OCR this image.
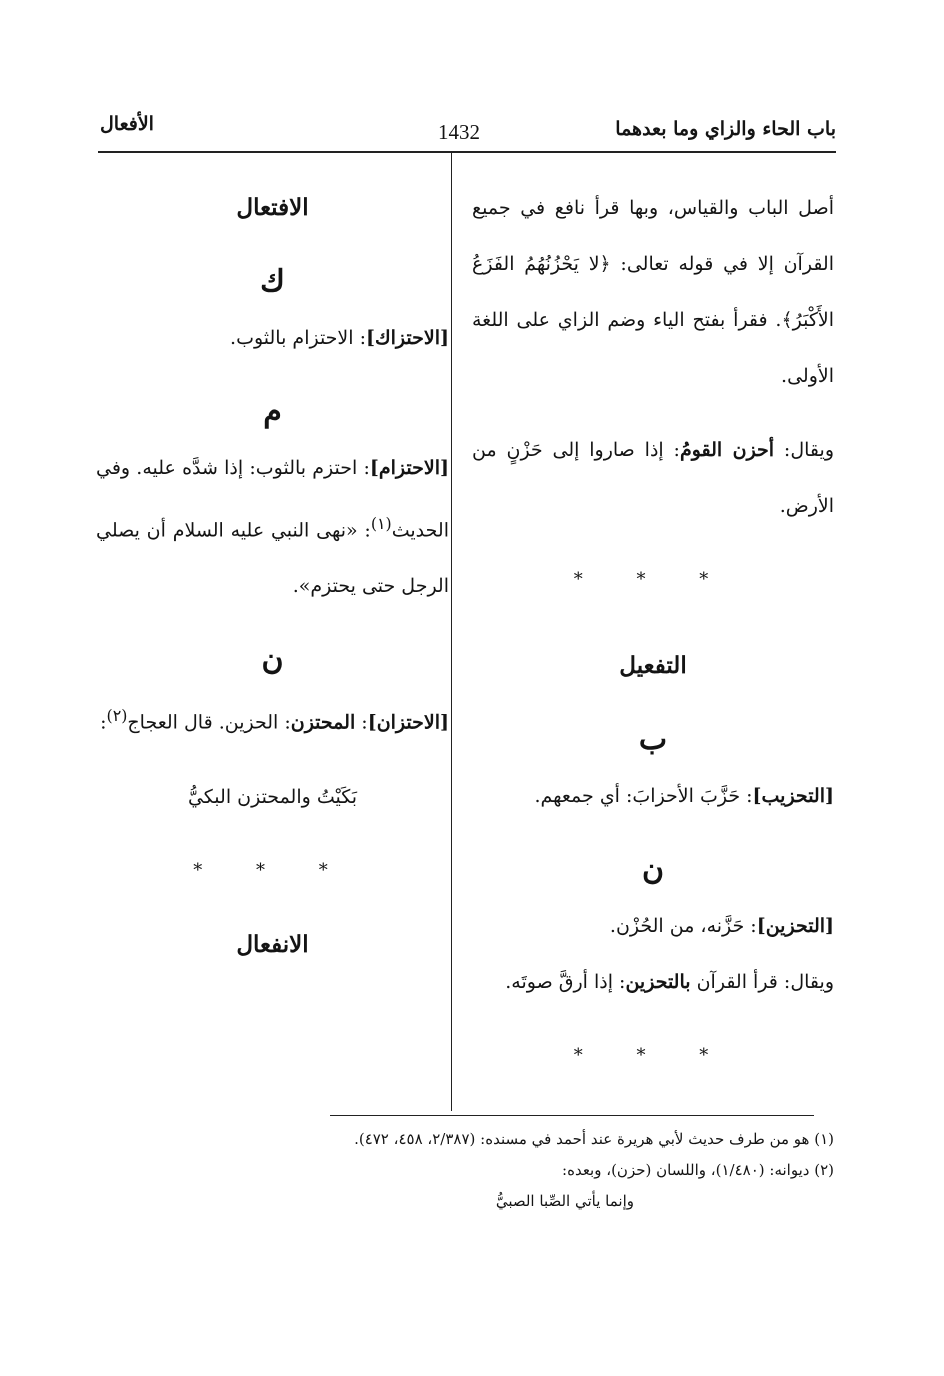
باب الحاء والزاي وما بعدهما
1432
الأفعال

أصل الباب والقياس، وبها قرأ نافع في جميع القرآن إلا في قوله تعالى: ﴿لا يَحْزُنُهُمُ الفَزَعُ الأَكْبَرُ﴾. فقرأ بفتح الياء وضم الزاي على اللغة الأولى.

ويقال: أحزن القومُ: إذا صاروا إلى حَزْنٍ من الأرض.

* * *

التفعيل

ب

[التحزيب]: حَزَّبَ الأحزابَ: أي جمعهم.

ن

[التحزين]: حَزَّنه، من الحُزْن.

ويقال: قرأ القرآن بالتحزين: إذا أرقَّ صوتَه.

* * *

الافتعال

ك

[الاحتزاك]: الاحتزام بالثوب.

م

[الاحتزام]: احتزم بالثوب: إذا شدَّه عليه. وفي الحديث$^{(١)}$: «نهى النبي عليه السلام أن يصلي الرجل حتى يحتزم».

ن

[الاحتزان]: المحتزن: الحزين. قال العجاج$^{(٢)}$:

بَكَيْتُ والمحتزن البكيُّ

* * *

الانفعال

(١) هو من طرف حديث لأبي هريرة عند أحمد في مسنده: (٢/٣٨٧، ٤٥٨، ٤٧٢).

(٢) ديوانه: (١/٤٨٠)، واللسان (حزن)، وبعده:

وإنما يأتي الصِّبا الصبيُّ
